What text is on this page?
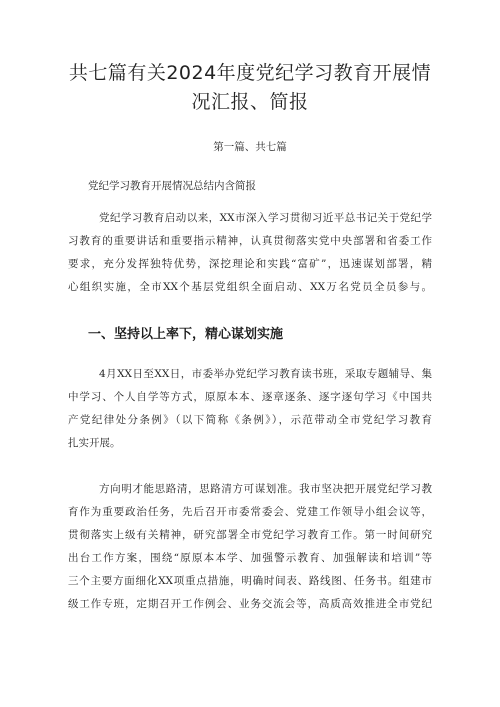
共七篇有关2024年度党纪学习教育开展情
况汇报、简报
第一篇、共七篇
党纪学习教育开展情况总结内含简报
党纪学习教育启动以来，XX市深入学习贯彻习近平总书记关于党纪学
习教育的重要讲话和重要指示精神，认真贯彻落实党中央部署和省委工作
要求，充分发挥独特优势，深挖理论和实践“富矿”，迅速谋划部署，精
心组织实施，全市XX个基层党组织全面启动、XX万名党员全员参与。
一、坚持以上率下，精心谋划实施
4月XX日至XX日，市委举办党纪学习教育读书班，采取专题辅导、集
中学习、个人自学等方式，原原本本、逐章逐条、逐字逐句学习《中国共
产党纪律处分条例》（以下简称《条例》），示范带动全市党纪学习教育
扎实开展。
方向明才能思路清，思路清方可谋划准。我市坚决把开展党纪学习教
育作为重要政治任务，先后召开市委常委会、党建工作领导小组会议等，
贯彻落实上级有关精神，研究部署全市党纪学习教育工作。第一时间研究
出台工作方案，围绕“原原本本学、加强警示教育、加强解读和培训”等
三个主要方面细化XX项重点措施，明确时间表、路线图、任务书。组建市
级工作专班，定期召开工作例会、业务交流会等，高质高效推进全市党纪
